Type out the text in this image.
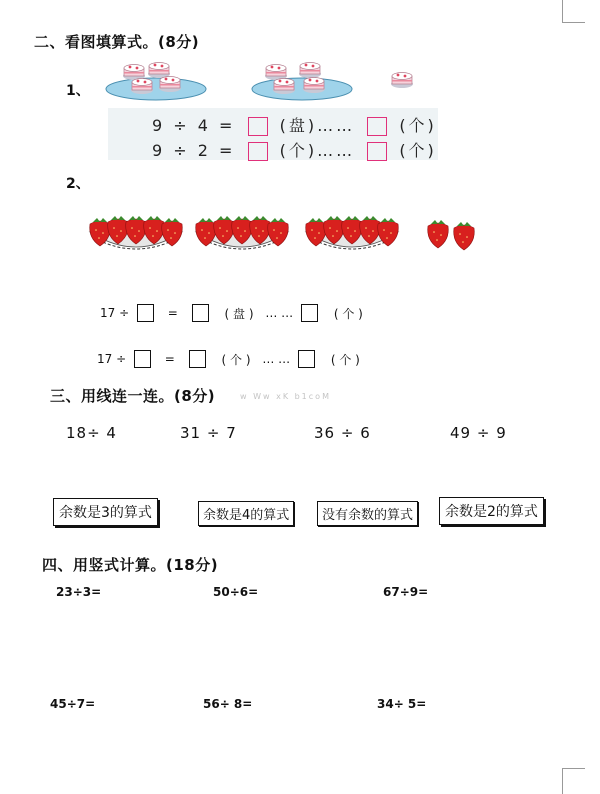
二、看图填算式。(8分)
1、
9 ÷ 4 =	(盘)……	(个)
9 ÷ 2 =	(个)……	(个)
2、
17 ÷	=	( 盘 ) … …	( 个 )
17 ÷	=	( 个 ) … …	( 个 )
三、用线连一连。(8分)	w Ww xK b1coM
18÷ 4	31 ÷ 7	36 ÷ 6	49 ÷ 9
余数是3的算式	余数是4的算式	没有余数的算式	余数是2的算式
四、用竖式计算。(18分)
23÷3=	50÷6=	67÷9=
45÷7=	56÷ 8=	34÷ 5=
